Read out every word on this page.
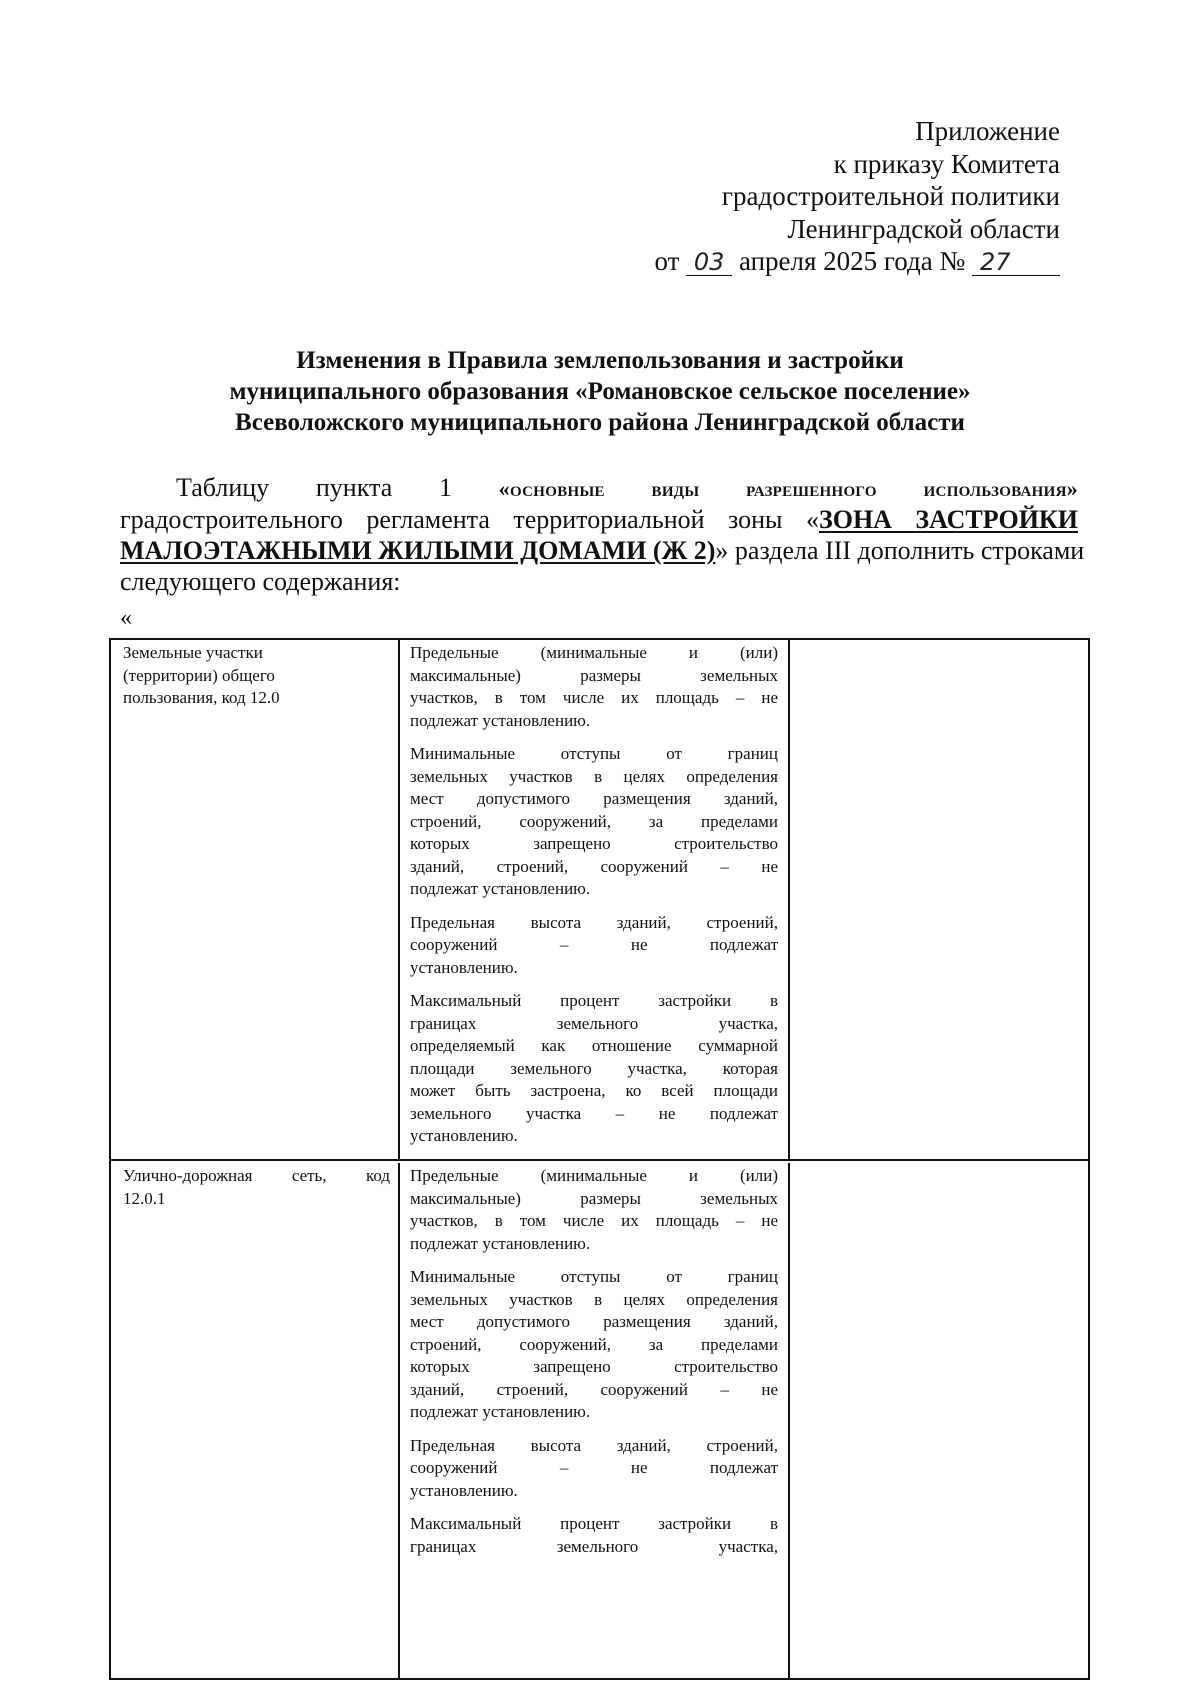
Приложение
к приказу Комитета
градостроительной политики
Ленинградской области
от 03 апреля 2025 года № 27
Изменения в Правила землепользования и застройки
муниципального образования «Романовское сельское поселение»
Всеволожского муниципального района Ленинградской области
Таблицу пункта 1 «основные виды разрешенного использования»
градостроительного регламента территориальной зоны «ЗОНА ЗАСТРОЙКИ
МАЛОЭТАЖНЫМИ ЖИЛЫМИ ДОМАМИ (Ж 2)» раздела III дополнить строками
следующего содержания:
«
Земельные участки
(территории) общего
пользования, код 12.0
Предельные (минимальные и (или)
максимальные) размеры земельных
участков, в том числе их площадь – не
подлежат установлению.
Минимальные отступы от границ
земельных участков в целях определения
мест допустимого размещения зданий,
строений, сооружений, за пределами
которых запрещено строительство
зданий, строений, сооружений – не
подлежат установлению.
Предельная высота зданий, строений,
сооружений – не подлежат
установлению.
Максимальный процент застройки в
границах земельного участка,
определяемый как отношение суммарной
площади земельного участка, которая
может быть застроена, ко всей площади
земельного участка – не подлежат
установлению.
Улично-дорожная сеть, код
12.0.1
Предельные (минимальные и (или)
максимальные) размеры земельных
участков, в том числе их площадь – не
подлежат установлению.
Минимальные отступы от границ
земельных участков в целях определения
мест допустимого размещения зданий,
строений, сооружений, за пределами
которых запрещено строительство
зданий, строений, сооружений – не
подлежат установлению.
Предельная высота зданий, строений,
сооружений – не подлежат
установлению.
Максимальный процент застройки в
границах земельного участка,
